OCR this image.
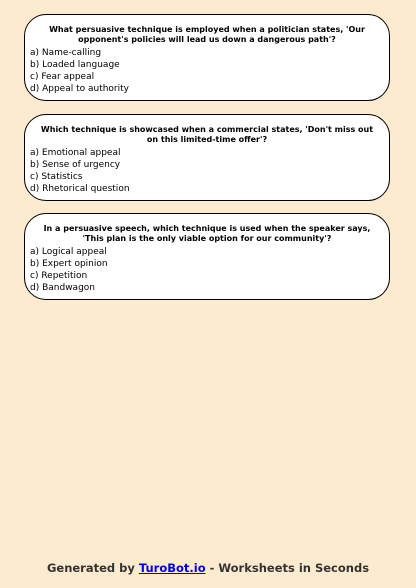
What persuasive technique is employed when a politician states, 'Our opponent's policies will lead us down a dangerous path'?
a) Name-calling
b) Loaded language
c) Fear appeal
d) Appeal to authority
Which technique is showcased when a commercial states, 'Don't miss out on this limited-time offer'?
a) Emotional appeal
b) Sense of urgency
c) Statistics
d) Rhetorical question
In a persuasive speech, which technique is used when the speaker says, 'This plan is the only viable option for our community'?
a) Logical appeal
b) Expert opinion
c) Repetition
d) Bandwagon
Generated by TuroBot.io - Worksheets in Seconds
